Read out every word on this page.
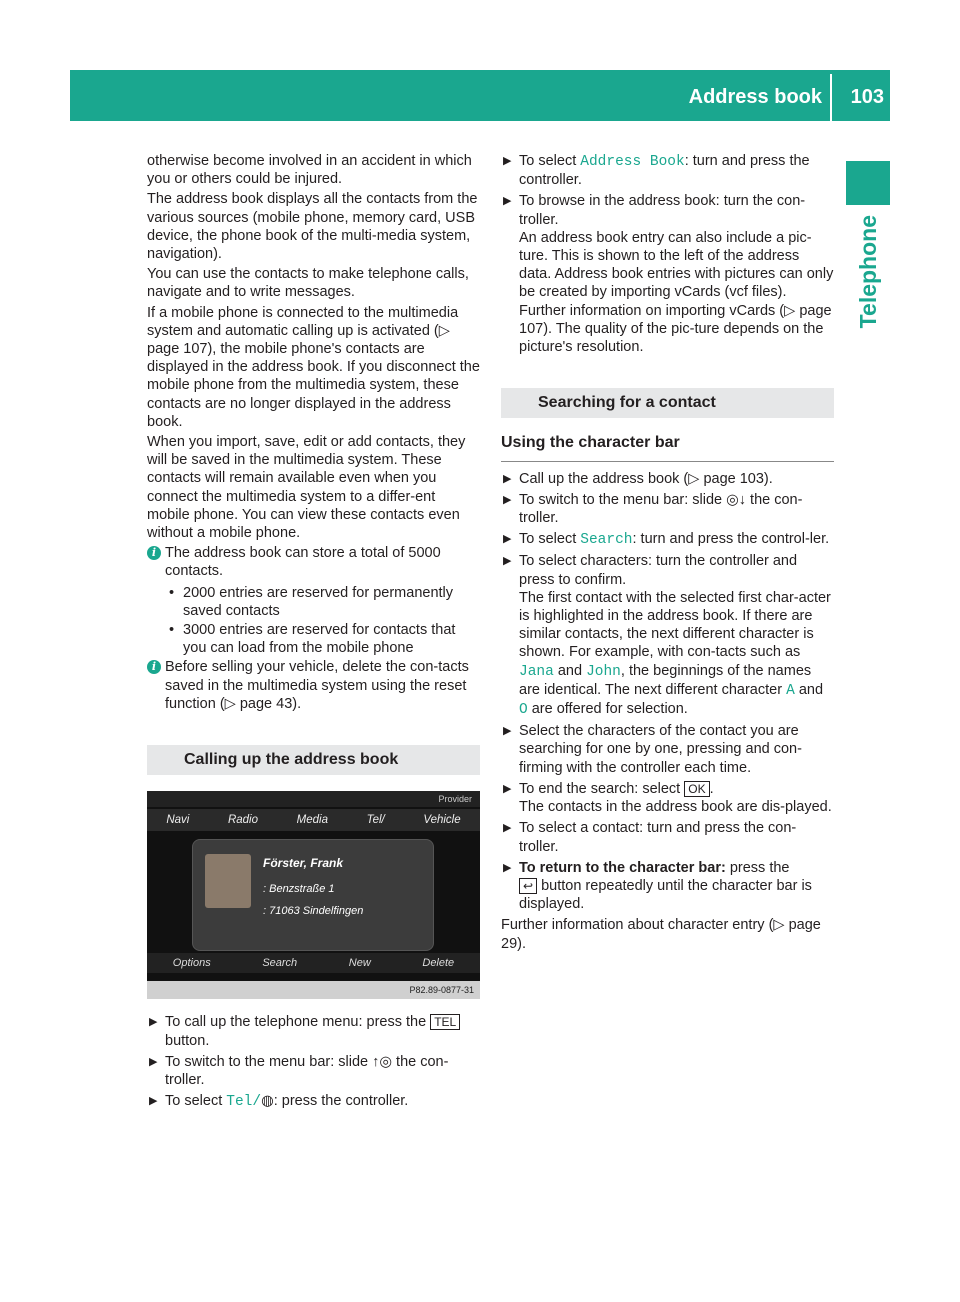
Address book 103
Telephone

otherwise become involved in an accident in which you or others could be injured.

The address book displays all the contacts from the various sources (mobile phone, memory card, USB device, the phone book of the multi-media system, navigation).

You can use the contacts to make telephone calls, navigate and to write messages.

If a mobile phone is connected to the multimedia system and automatic calling up is activated (▷ page 107), the mobile phone's contacts are displayed in the address book. If you disconnect the mobile phone from the multimedia system, these contacts are no longer displayed in the address book.

When you import, save, edit or add contacts, they will be saved in the multimedia system. These contacts will remain available even when you connect the multimedia system to a differ-ent mobile phone. You can view these contacts even without a mobile phone.

i The address book can store a total of 5000 contacts.
• 2000 entries are reserved for permanently saved contacts
• 3000 entries are reserved for contacts that you can load from the mobile phone
i Before selling your vehicle, delete the con-tacts saved in the multimedia system using the reset function (▷ page 43).
Calling up the address book
Provider
Navi	Radio	Media	Tel/	Vehicle
Förster, Frank
: Benzstraße 1
: 71063 Sindelfingen
Options	Search	New	Delete
P82.89-0877-31
▶ To call up the telephone menu: press the TEL button.
▶ To switch to the menu bar: slide ↑◎ the con-troller.
▶ To select Tel/◍: press the controller.
▶ To select Address Book: turn and press the controller.
▶ To browse in the address book: turn the con-troller.
An address book entry can also include a pic-ture. This is shown to the left of the address data. Address book entries with pictures can only be created by importing vCards (vcf files). Further information on importing vCards (▷ page 107). The quality of the pic-ture depends on the picture's resolution.
Searching for a contact
Using the character bar
▶ Call up the address book (▷ page 103).
▶ To switch to the menu bar: slide ◎↓ the con-troller.
▶ To select Search: turn and press the control-ler.
▶ To select characters: turn the controller and press to confirm.
The first contact with the selected first char-acter is highlighted in the address book. If there are similar contacts, the next different character is shown. For example, with con-tacts such as Jana and John, the beginnings of the names are identical. The next different character A and O are offered for selection.
▶ Select the characters of the contact you are searching for one by one, pressing and con-firming with the controller each time.
▶ To end the search: select OK .
The contacts in the address book are dis-played.
▶ To select a contact: turn and press the con-troller.
▶ To return to the character bar: press the
↩ button repeatedly until the character bar is displayed.

Further information about character entry (▷ page 29).
